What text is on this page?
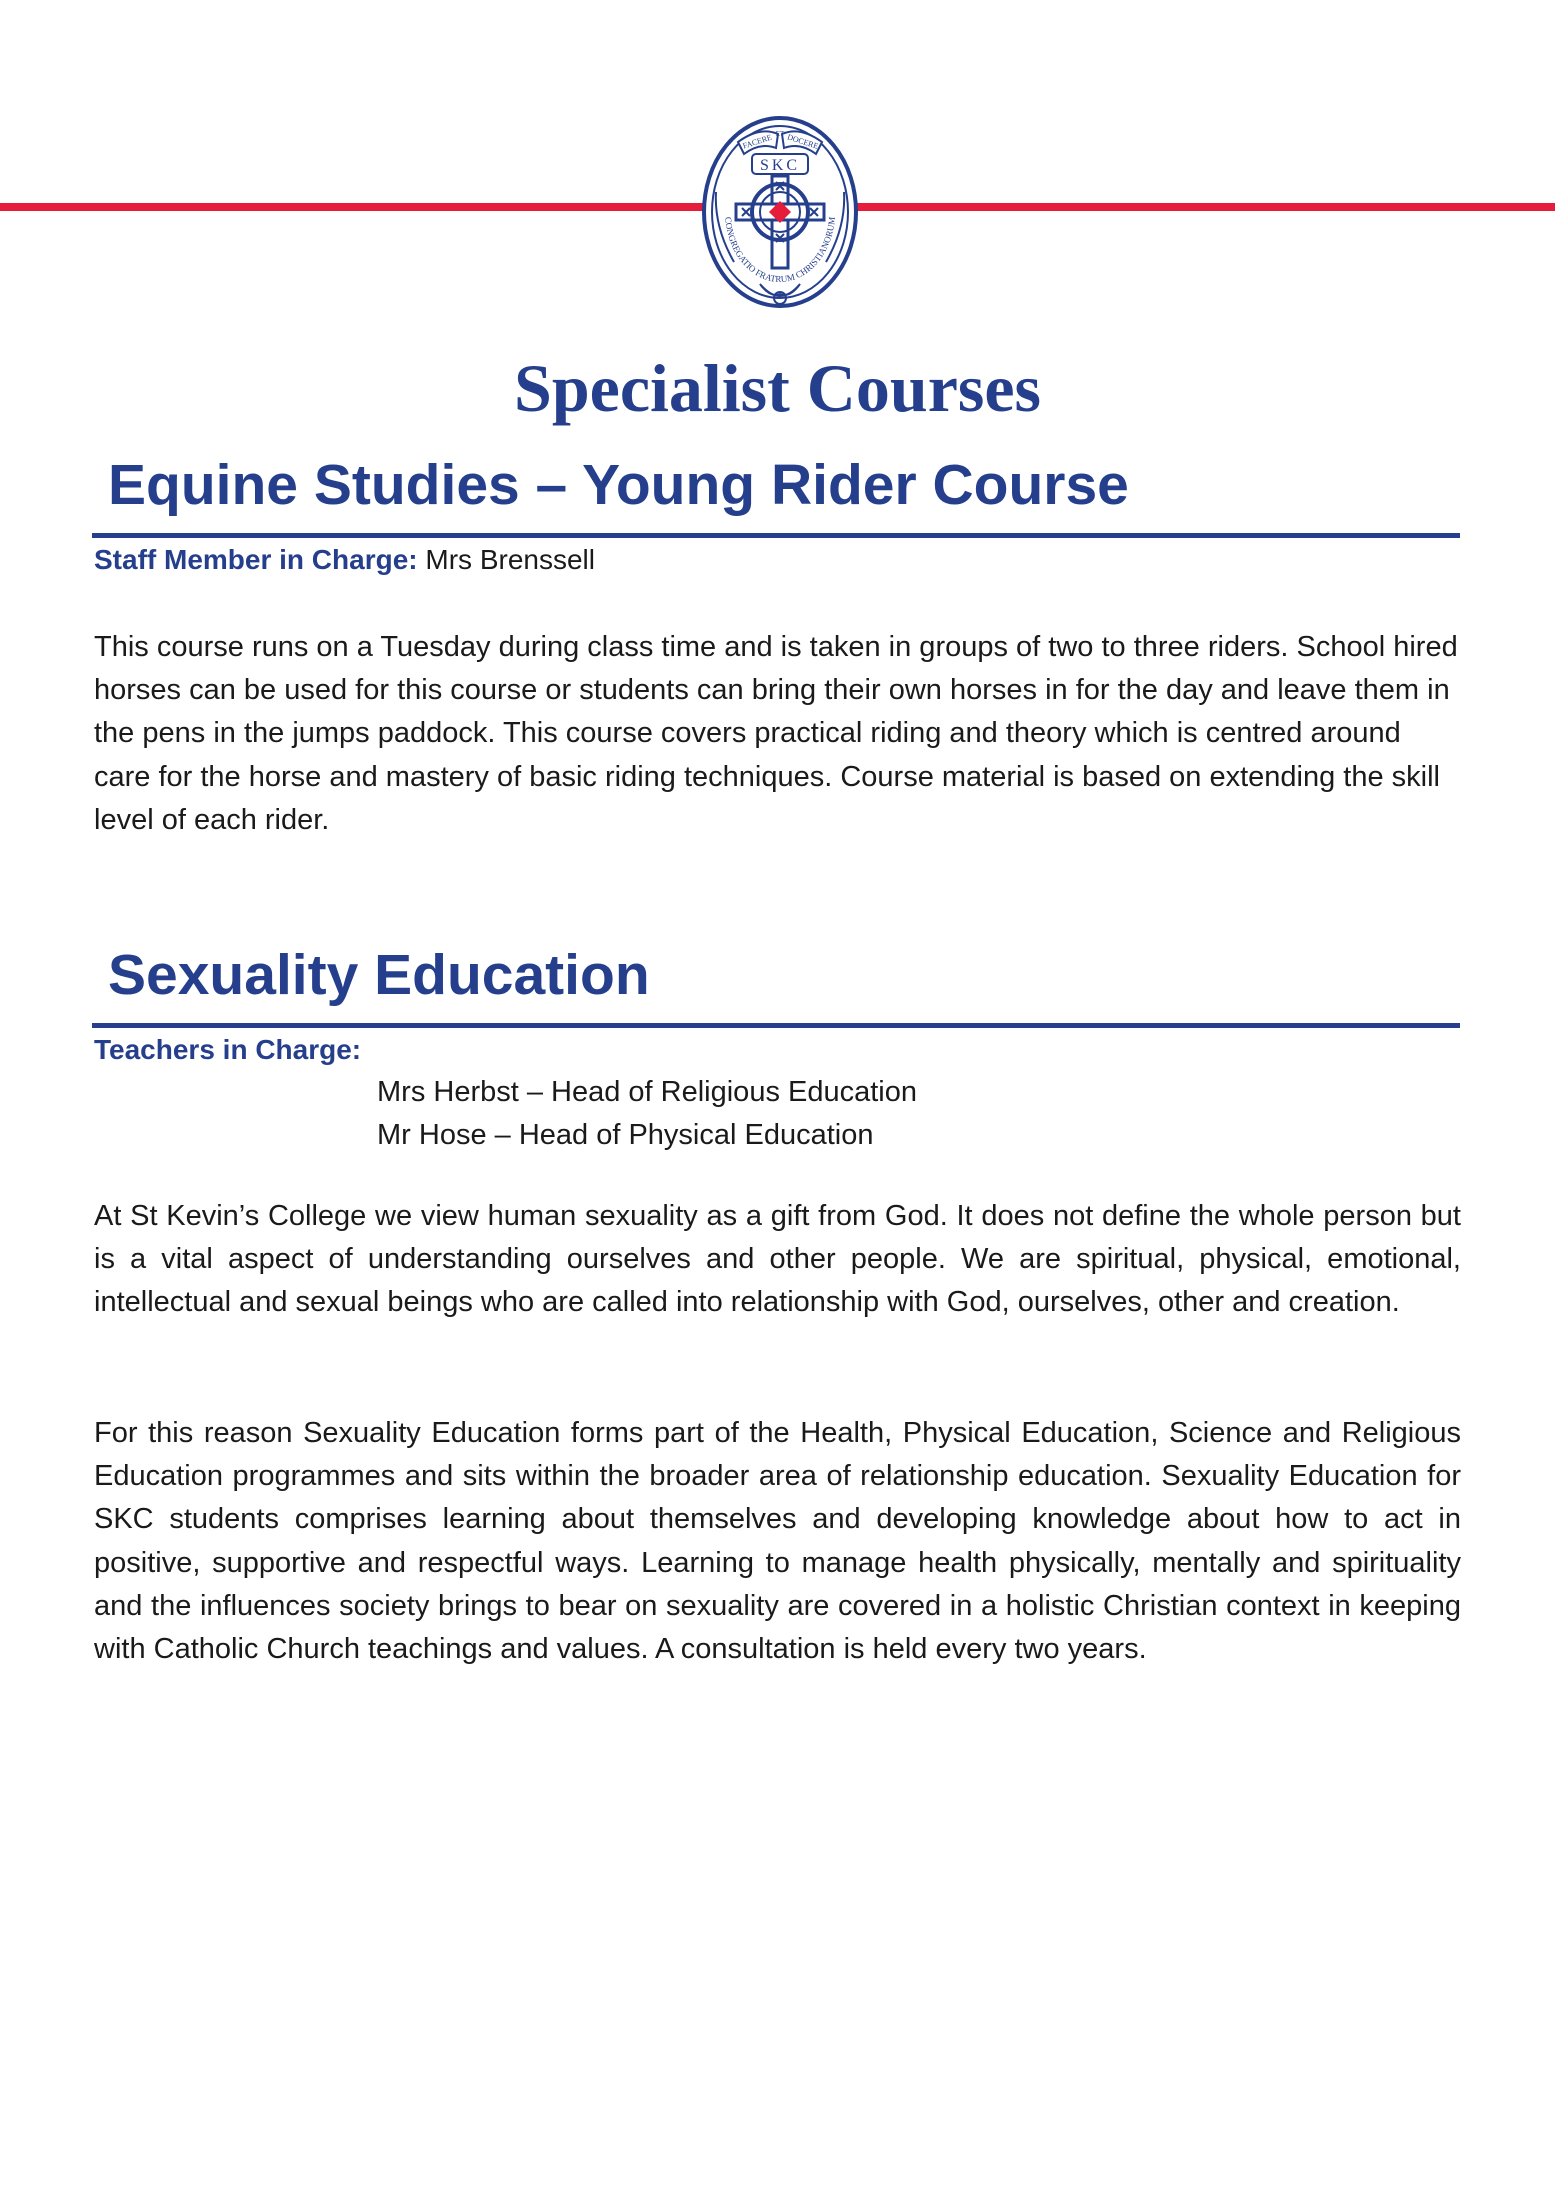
FACERE ET DOCERE
SKC
CONGREGATIO FRATRUM CHRISTIANORUM
Specialist Courses
Equine Studies – Young Rider Course
Staff Member in Charge: Mrs Brenssell

This course runs on a Tuesday during class time and is taken in groups of two to three riders. School hired horses can be used for this course or students can bring their own horses in for the day and leave them in the pens in the jumps paddock. This course covers practical riding and theory which is centred around care for the horse and mastery of basic riding techniques. Course material is based on extending the skill level of each rider.

Sexuality Education
Teachers in Charge:
Mrs Herbst – Head of Religious Education
Mr Hose – Head of Physical Education

At St Kevin’s College we view human sexuality as a gift from God. It does not define the whole person but is a vital aspect of understanding ourselves and other people. We are spiritual, physical, emotional, intellectual and sexual beings who are called into relationship with God, ourselves, other and creation.

For this reason Sexuality Education forms part of the Health, Physical Education, Science and Religious Education programmes and sits within the broader area of relationship education. Sexuality Education for SKC students comprises learning about themselves and developing knowledge about how to act in positive, supportive and respectful ways. Learning to manage health physically, mentally and spirituality and the influences society brings to bear on sexuality are covered in a holistic Christian context in keeping with Catholic Church teachings and values. A consultation is held every two years.
